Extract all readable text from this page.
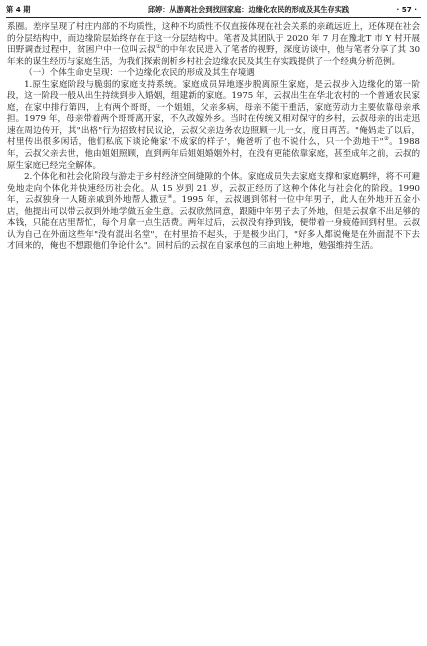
第 4 期	邱婷：从游离社会到找回家庭：边缘化农民的形成及其生存实践	· 57 ·

系圈。差序呈现了村庄内部的不均质性，这种不均质性不仅直接体现在社会关系的亲疏远近上，还体现在社会的分层结构中，而边缘阶层始终存在于这一分层结构中。笔者及其团队于 2020 年 7 月在豫北T 市 Y 村开展田野调查过程中，贫困户中一位叫云叔①的中年农民进入了笔者的视野，深度访谈中，他与笔者分享了其 30 年来的谋生经历与家庭生活，为我们探索剖析乡村社会边缘农民及其生存实践提供了一个经典分析范例。

（一）个体生命史呈现：一个边缘化农民的形成及其生存境遇

1.原生家庭阶段与脆弱的家庭支持系统。家庭成员异地逐步脱离原生家庭，是云叔步入边缘化的第一阶段，这一阶段一般从出生持续到步入婚姻，组建新的家庭。1975 年，云叔出生在华北农村的一个普通农民家庭，在家中排行第四，上有两个哥哥，一个姐姐，父亲多病，母亲不能干重活，家庭劳动力主要依靠母亲承担。1979 年，母亲带着两个哥哥离开家，不久改嫁外乡。当时在传统又相对保守的乡村，云叔母亲的出走迅速在周边传开，其"出格"行为招致村民议论，云叔父亲边务农边照顾一儿一女，度日再苦。"俺妈走了以后，村里传出很多闲话，他们私底下谈论俺家'不成家的样子'，俺爸听了也不说什么，只一个劲地干"②。1988 年，云叔父亲去世，他由姐姐照顾，直到两年后姐姐婚姻外村，在没有更能依靠家庭，甚至成年之前，云叔的原生家庭已经完全解体。

2.个体化和社会化阶段与游走于乡村经济空间缝隙的个体。家庭成员失去家庭支撑和家庭羁绊，将不可避免地走向个体化并快速经历社会化。从 15 岁到 21 岁，云叔正经历了这种个体化与社会化的阶段。1990 年，云叔独身一人随亲戚到外地帮人撒豆④。1995 年，云叔遇到邻村一位中年男子，此人在外地开五金小店，他提出可以带云叔到外地学做五金生意。云叔欣然同意，跟随中年男子去了外地，但是云叔拿不出足够的本钱，只能在店里帮忙，每个月拿一点生活费。两年过后，云叔没有挣到钱，便带着一身疲倦回到村里。云叔认为自己在外面这些年"没有混出名堂"，在村里抬不起头，于是极少出门，"好多人都说俺是在外面混不下去才回来的，俺也不想跟他们争论什么"。回村后的云叔在自家承包的三亩地上种地，勉强维持生活。
